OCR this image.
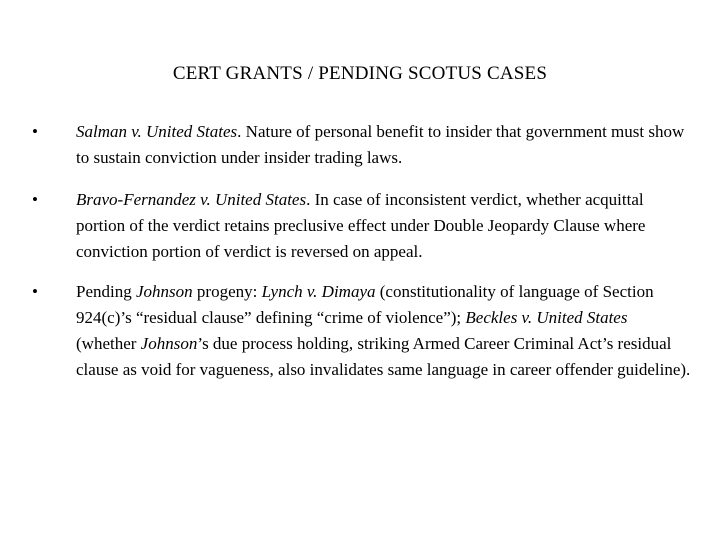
CERT GRANTS / PENDING SCOTUS CASES
•	Salman v. United States. Nature of personal benefit to insider that government must show to sustain conviction under insider trading laws.
•	Bravo-Fernandez v. United States. In case of inconsistent verdict, whether acquittal portion of the verdict retains preclusive effect under Double Jeopardy Clause where conviction portion of verdict is reversed on appeal.
•	Pending Johnson progeny: Lynch v. Dimaya (constitutionality of language of Section 924(c)’s “residual clause” defining “crime of violence”); Beckles v. United States (whether Johnson’s due process holding, striking Armed Career Criminal Act’s residual clause as void for vagueness, also invalidates same language in career offender guideline).
